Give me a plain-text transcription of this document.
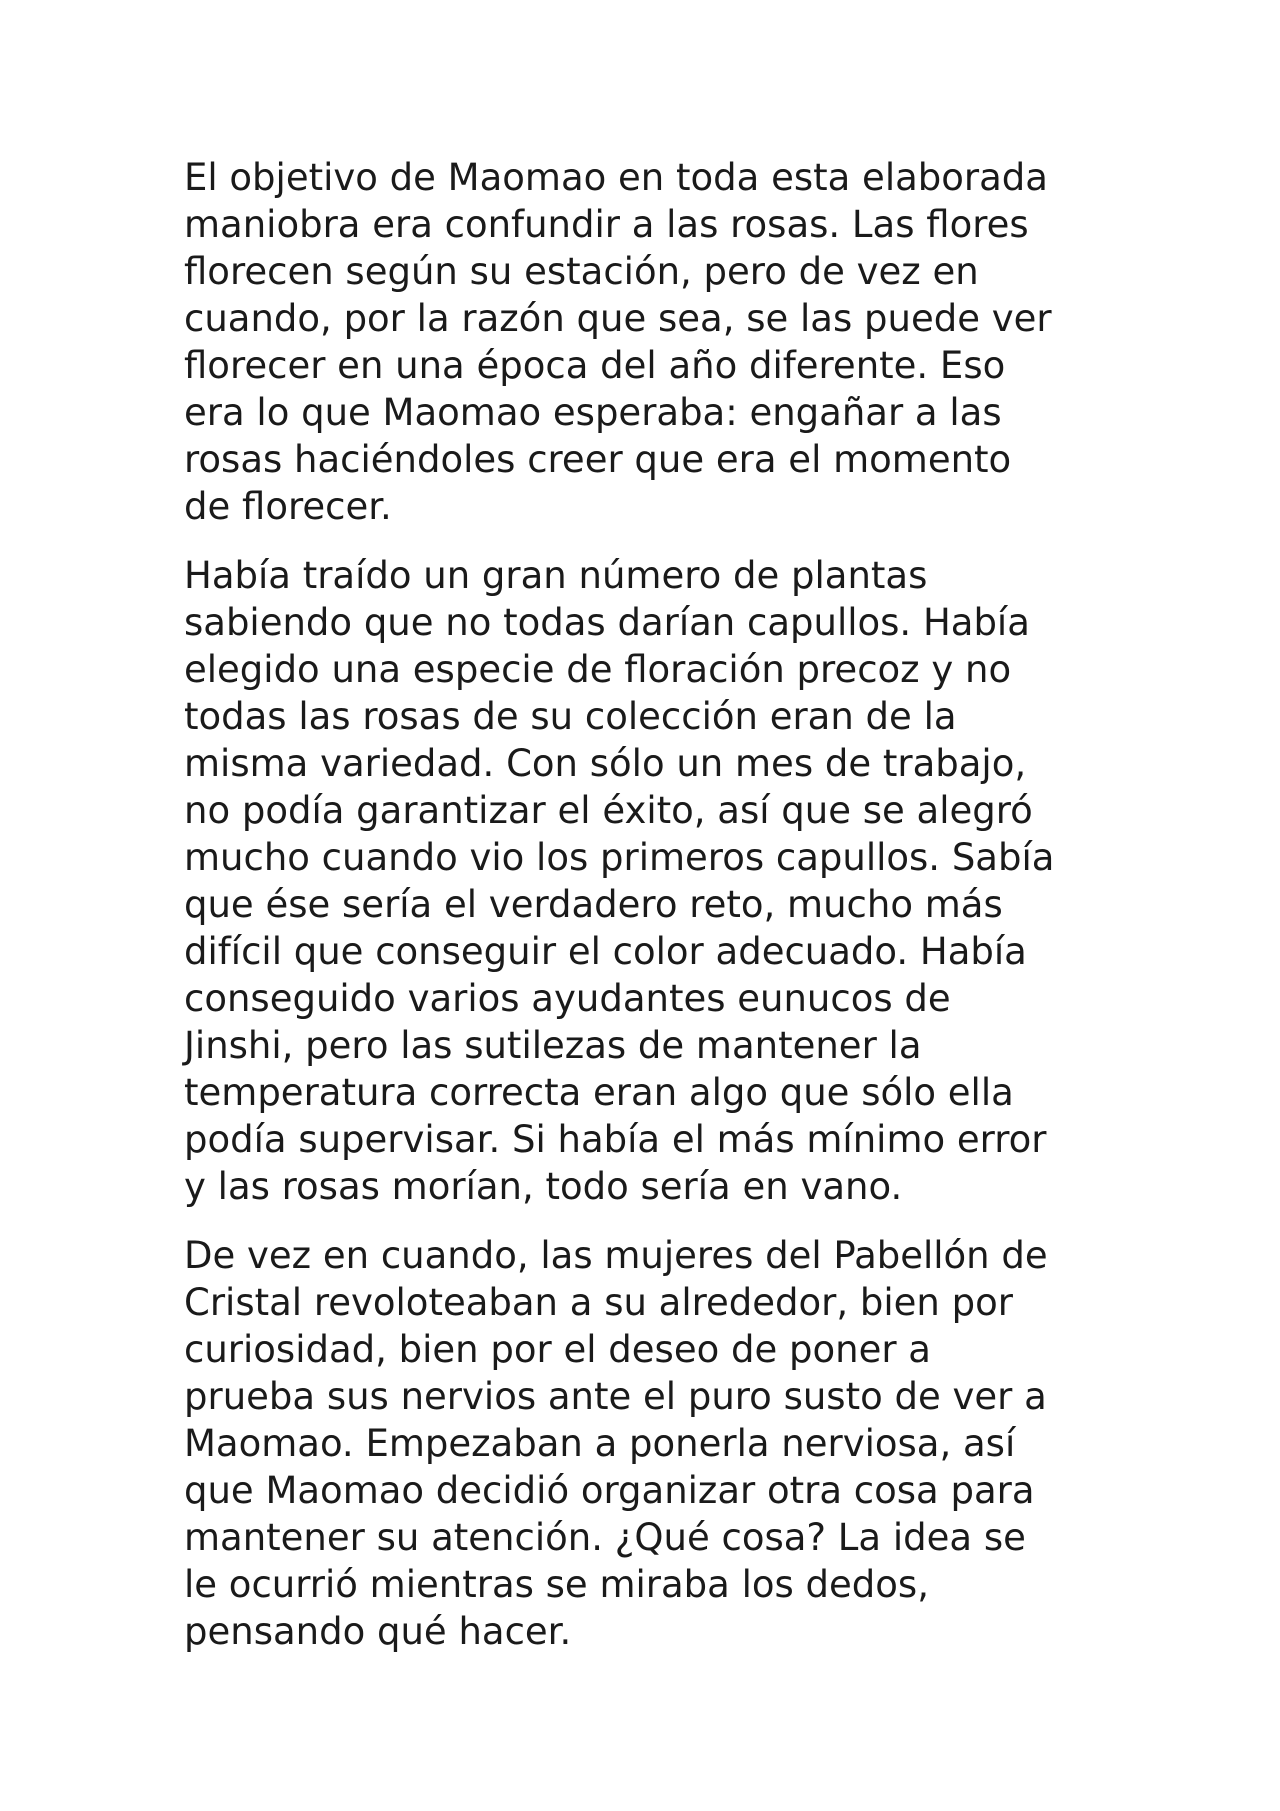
El objetivo de Maomao en toda esta elaborada
maniobra era confundir a las rosas. Las flores
florecen según su estación, pero de vez en
cuando, por la razón que sea, se las puede ver
florecer en una época del año diferente. Eso
era lo que Maomao esperaba: engañar a las
rosas haciéndoles creer que era el momento
de florecer.

Había traído un gran número de plantas
sabiendo que no todas darían capullos. Había
elegido una especie de floración precoz y no
todas las rosas de su colección eran de la
misma variedad. Con sólo un mes de trabajo,
no podía garantizar el éxito, así que se alegró
mucho cuando vio los primeros capullos. Sabía
que ése sería el verdadero reto, mucho más
difícil que conseguir el color adecuado. Había
conseguido varios ayudantes eunucos de
Jinshi, pero las sutilezas de mantener la
temperatura correcta eran algo que sólo ella
podía supervisar. Si había el más mínimo error
y las rosas morían, todo sería en vano.

De vez en cuando, las mujeres del Pabellón de
Cristal revoloteaban a su alrededor, bien por
curiosidad, bien por el deseo de poner a
prueba sus nervios ante el puro susto de ver a
Maomao. Empezaban a ponerla nerviosa, así
que Maomao decidió organizar otra cosa para
mantener su atención. ¿Qué cosa? La idea se
le ocurrió mientras se miraba los dedos,
pensando qué hacer.
